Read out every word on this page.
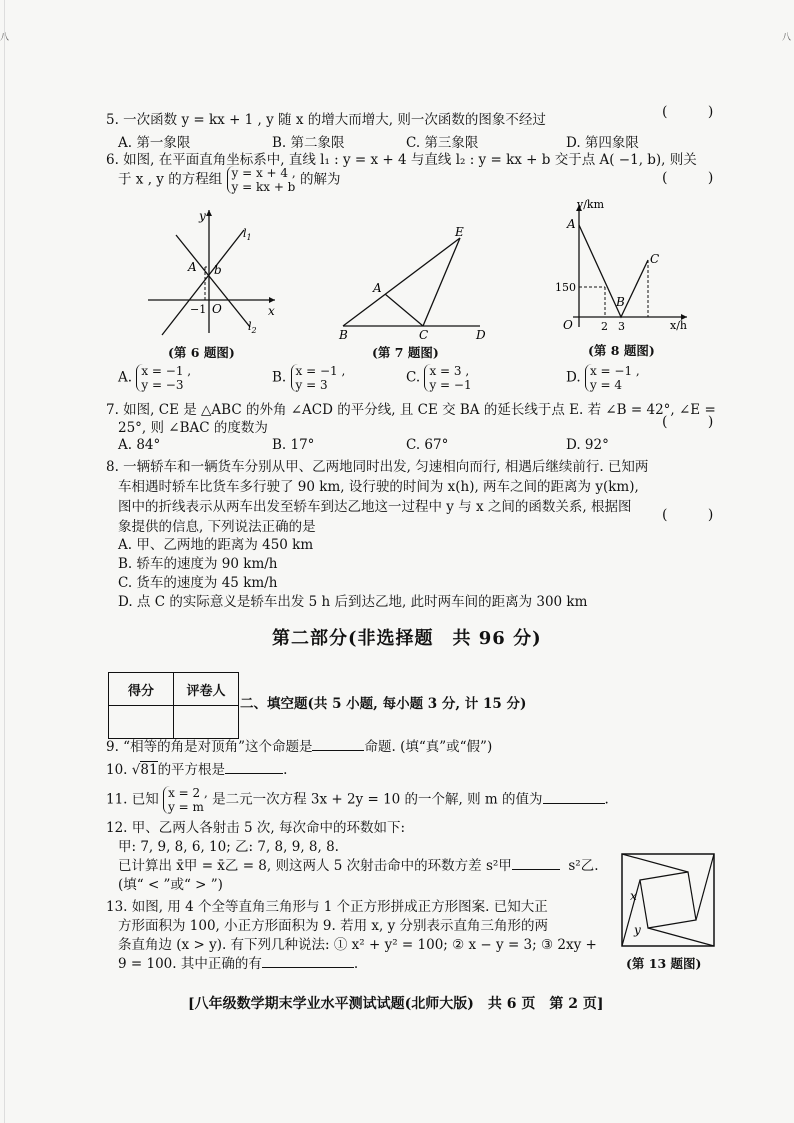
八	八
5. 一次函数 y = kx + 1 , y 随 x 的增大而增大, 则一次函数的图象不经过	( )
A. 第一象限	B. 第二象限	C. 第三象限	D. 第四象限
6. 如图, 在平面直角坐标系中, 直线 l₁ : y = x + 4 与直线 l₂ : y = kx + b 交于点 A( −1, b), 则关
于 x , y 的方程组 y = x + 4 ,
y = kx + b 的解为	( )
y
x
$l_1$
$l_2$
A b
−1 O
(第 6 题图)
A
B	C	D
E
(第 7 题图)
y/km
x/h
A
B
C
O
150
2 3
(第 8 题图)
A. x = −1 ,
y = −3	B. x = −1 ,
y = 3	C. x = 3 ,
y = −1	D. x = −1 ,
y = 4
7. 如图, CE 是 △ABC 的外角 ∠ACD 的平分线, 且 CE 交 BA 的延长线于点 E. 若 ∠B = 42°, ∠E =
25°, 则 ∠BAC 的度数为	( )
A. 84°	B. 17°	C. 67°	D. 92°
8. 一辆轿车和一辆货车分别从甲、乙两地同时出发, 匀速相向而行, 相遇后继续前行. 已知两
车相遇时轿车比货车多行驶了 90 km, 设行驶的时间为 x(h), 两车之间的距离为 y(km),
图中的折线表示从两车出发至轿车到达乙地这一过程中 y 与 x 之间的函数关系, 根据图
象提供的信息, 下列说法正确的是
( )
A. 甲、乙两地的距离为 450 km
B. 轿车的速度为 90 km/h
C. 货车的速度为 45 km/h
D. 点 C 的实际意义是轿车出发 5 h 后到达乙地, 此时两车间的距离为 300 km
第二部分(非选择题　共 96 分)
得分	评卷人

二、填空题(共 5 小题, 每小题 3 分, 计 15 分)
9. “相等的角是对顶角”这个命题是	命题. (填“真”或“假”)
10. √81的平方根是	.
11. 已知 x = 2 ,
y = m 是二元一次方程 3x + 2y = 10 的一个解, 则 m 的值为	.
12. 甲、乙两人各射击 5 次, 每次命中的环数如下:
甲: 7, 9, 8, 6, 10; 乙: 7, 8, 9, 8, 8.
已计算出 x̄甲 = x̄乙 = 8, 则这两人 5 次射击命中的环数方差 s²甲	s²乙.
(填“ < ”或“ > ”)
13. 如图, 用 4 个全等直角三角形与 1 个正方形拼成正方形图案. 已知大正
方形面积为 100, 小正方形面积为 9. 若用 x, y 分别表示直角三角形的两
条直角边 (x > y). 有下列几种说法: ① x² + y² = 100; ② x − y = 3; ③ 2xy +
9 = 100. 其中正确的有	.
x
y
(第 13 题图)
[八年级数学期末学业水平测试试题(北师大版)　共 6 页　第 2 页]
